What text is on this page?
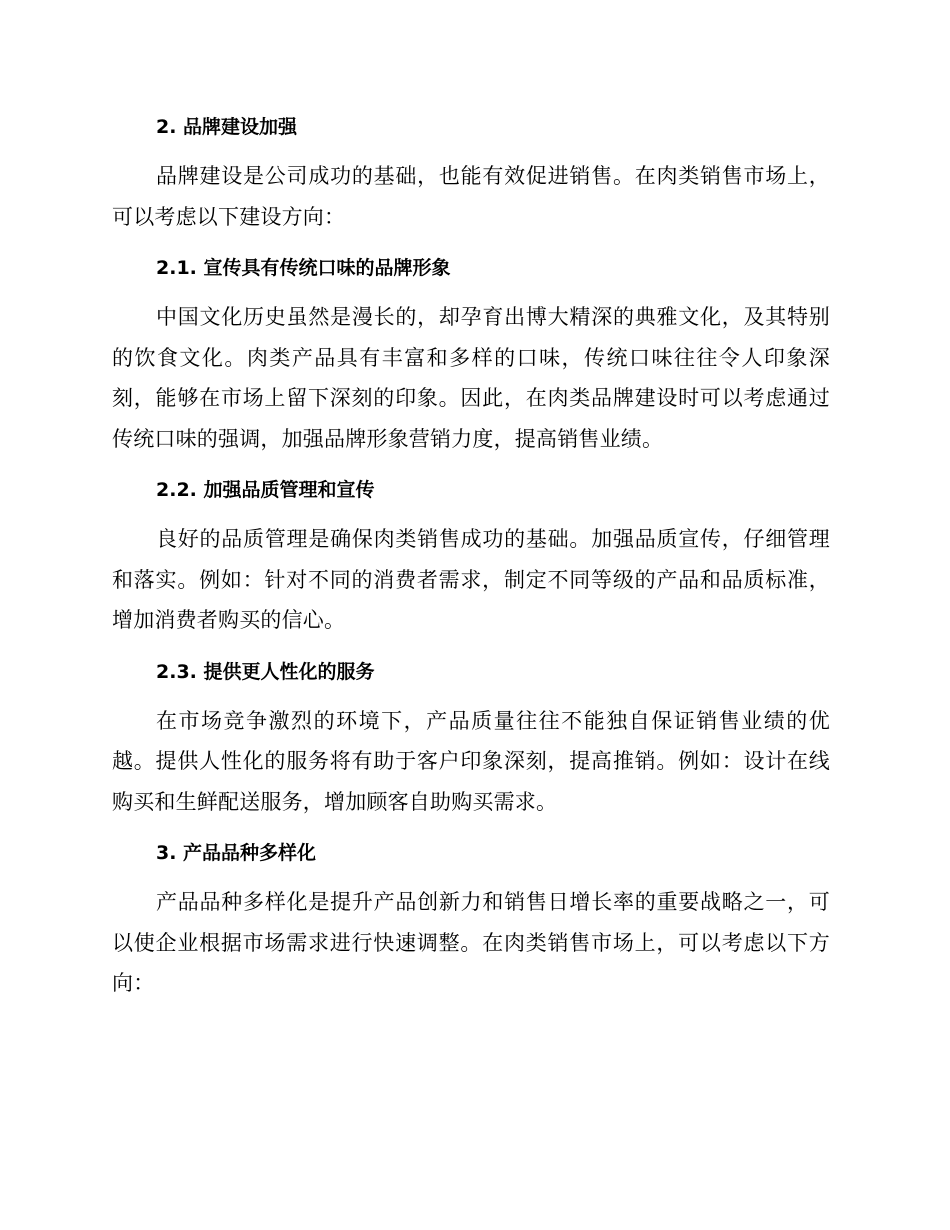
2. 品牌建设加强

品牌建设是公司成功的基础，也能有效促进销售。在肉类销售市场上，可以考虑以下建设方向：

2.1. 宣传具有传统口味的品牌形象

中国文化历史虽然是漫长的，却孕育出博大精深的典雅文化，及其特别的饮食文化。肉类产品具有丰富和多样的口味，传统口味往往令人印象深刻，能够在市场上留下深刻的印象。因此，在肉类品牌建设时可以考虑通过传统口味的强调，加强品牌形象营销力度，提高销售业绩。

2.2. 加强品质管理和宣传

良好的品质管理是确保肉类销售成功的基础。加强品质宣传，仔细管理和落实。例如：针对不同的消费者需求，制定不同等级的产品和品质标准，增加消费者购买的信心。

2.3. 提供更人性化的服务

在市场竞争激烈的环境下，产品质量往往不能独自保证销售业绩的优越。提供人性化的服务将有助于客户印象深刻，提高推销。例如：设计在线购买和生鲜配送服务，增加顾客自助购买需求。

3. 产品品种多样化

产品品种多样化是提升产品创新力和销售日增长率的重要战略之一，可以使企业根据市场需求进行快速调整。在肉类销售市场上，可以考虑以下方向：
